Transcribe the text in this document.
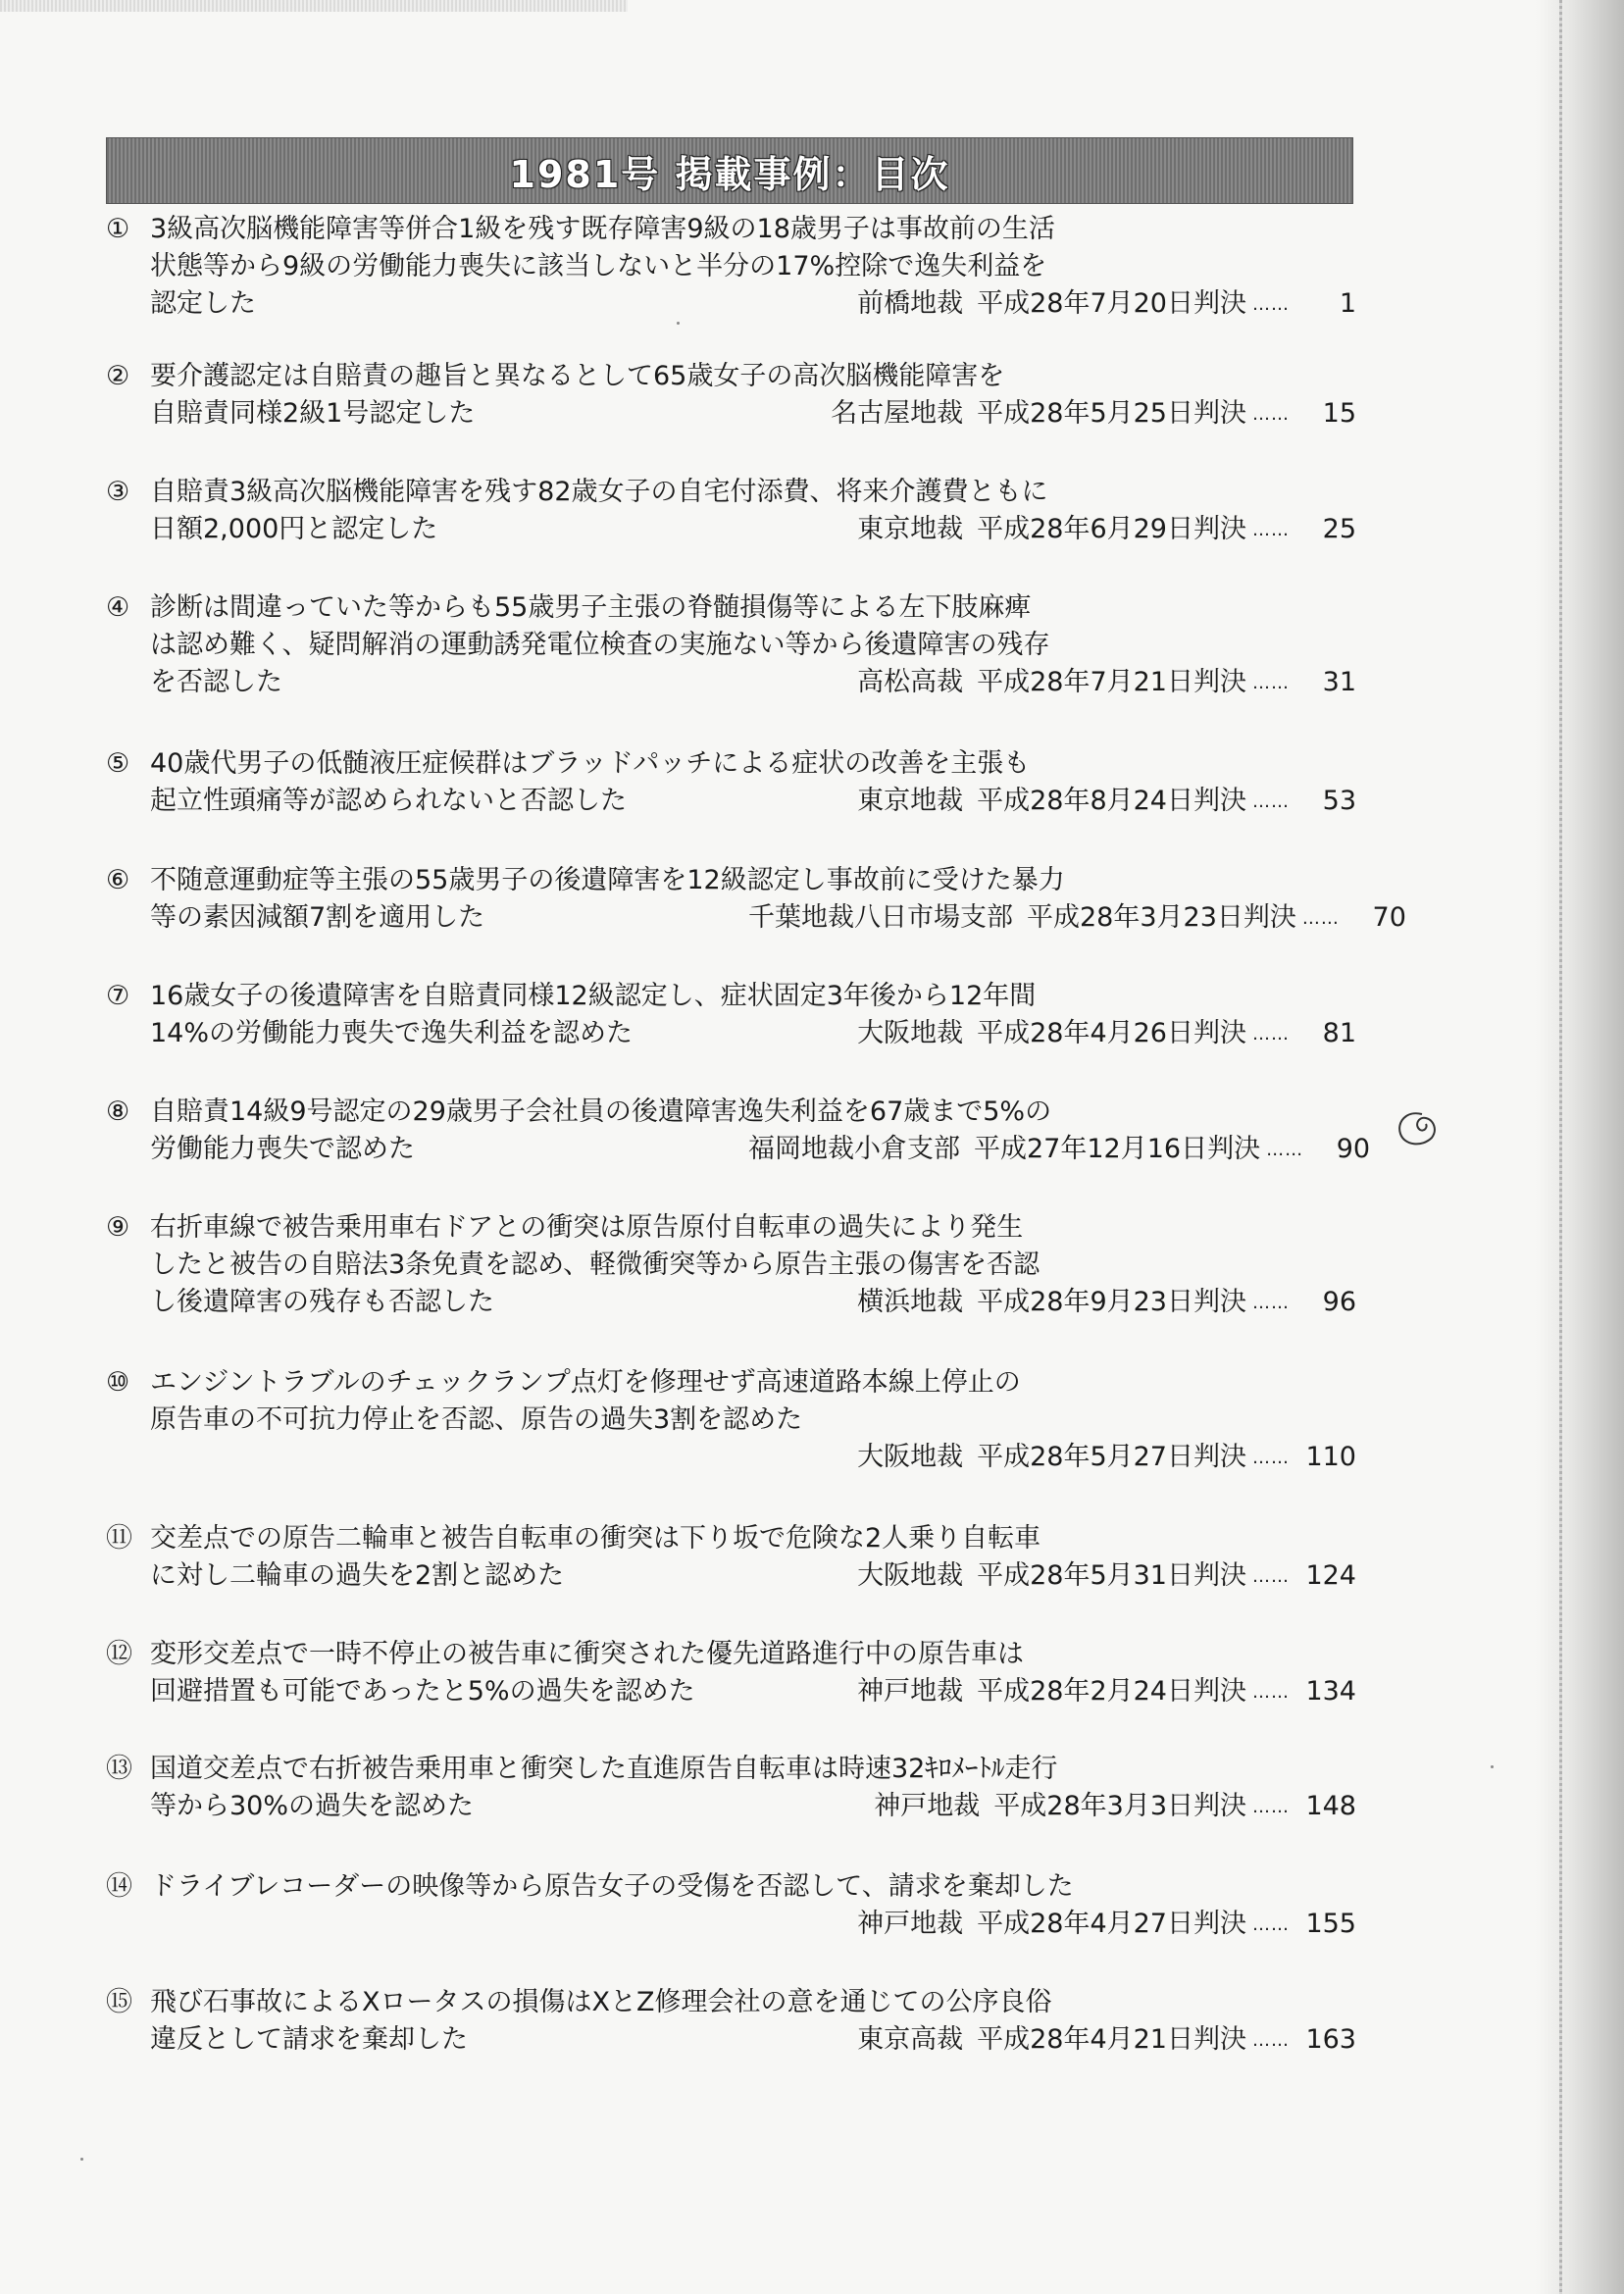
1981号 掲載事例：目次
① 3級高次脳機能障害等併合1級を残す既存障害9級の18歳男子は事故前の生活
状態等から9級の労働能力喪失に該当しないと半分の17%控除で逸失利益を
認定した	前橋地裁 平成28年7月20日判決 …… 1
② 要介護認定は自賠責の趣旨と異なるとして65歳女子の高次脳機能障害を
自賠責同様2級1号認定した	名古屋地裁 平成28年5月25日判決 …… 15
③ 自賠責3級高次脳機能障害を残す82歳女子の自宅付添費、将来介護費ともに
日額2,000円と認定した	東京地裁 平成28年6月29日判決 …… 25
④ 診断は間違っていた等からも55歳男子主張の脊髄損傷等による左下肢麻痺
は認め難く、疑問解消の運動誘発電位検査の実施ない等から後遺障害の残存
を否認した	高松高裁 平成28年7月21日判決 …… 31
⑤ 40歳代男子の低髄液圧症候群はブラッドパッチによる症状の改善を主張も
起立性頭痛等が認められないと否認した	東京地裁 平成28年8月24日判決 …… 53
⑥ 不随意運動症等主張の55歳男子の後遺障害を12級認定し事故前に受けた暴力
等の素因減額7割を適用した	千葉地裁八日市場支部 平成28年3月23日判決 …… 70
⑦ 16歳女子の後遺障害を自賠責同様12級認定し、症状固定3年後から12年間
14%の労働能力喪失で逸失利益を認めた	大阪地裁 平成28年4月26日判決 …… 81
⑧ 自賠責14級9号認定の29歳男子会社員の後遺障害逸失利益を67歳まで5%の
労働能力喪失で認めた	福岡地裁小倉支部 平成27年12月16日判決 …… 90
⑨ 右折車線で被告乗用車右ドアとの衝突は原告原付自転車の過失により発生
したと被告の自賠法3条免責を認め、軽微衝突等から原告主張の傷害を否認
し後遺障害の残存も否認した	横浜地裁 平成28年9月23日判決 …… 96
⑩ エンジントラブルのチェックランプ点灯を修理せず高速道路本線上停止の
原告車の不可抗力停止を否認、原告の過失3割を認めた
大阪地裁 平成28年5月27日判決 …… 110
⑪ 交差点での原告二輪車と被告自転車の衝突は下り坂で危険な2人乗り自転車
に対し二輪車の過失を2割と認めた	大阪地裁 平成28年5月31日判決 …… 124
⑫ 変形交差点で一時不停止の被告車に衝突された優先道路進行中の原告車は
回避措置も可能であったと5%の過失を認めた	神戸地裁 平成28年2月24日判決 …… 134
⑬ 国道交差点で右折被告乗用車と衝突した直進原告自転車は時速32ｷﾛﾒｰﾄﾙ走行
等から30%の過失を認めた	神戸地裁 平成28年3月3日判決 …… 148
⑭ ドライブレコーダーの映像等から原告女子の受傷を否認して、請求を棄却した
神戸地裁 平成28年4月27日判決 …… 155
⑮ 飛び石事故によるXロータスの損傷はXとZ修理会社の意を通じての公序良俗
違反として請求を棄却した	東京高裁 平成28年4月21日判決 …… 163
